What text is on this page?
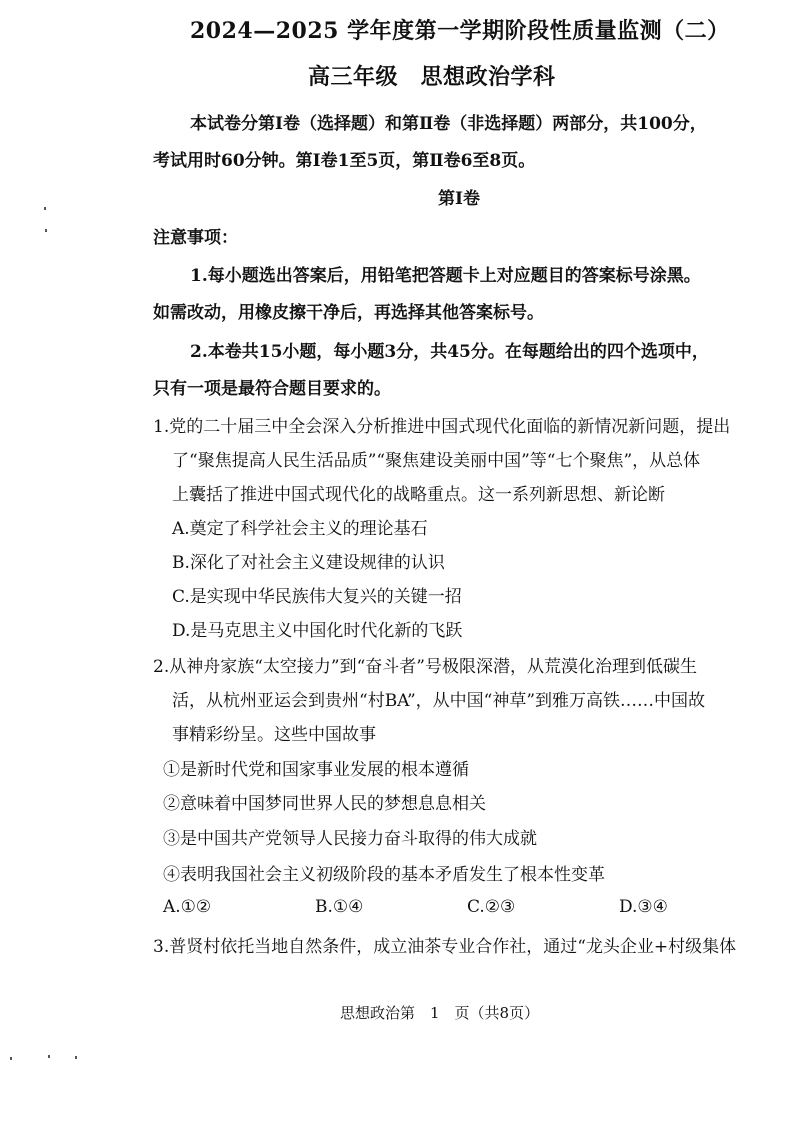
2024—2025 学年度第一学期阶段性质量监测（二）
高三年级　思想政治学科
本试卷分第Ⅰ卷（选择题）和第Ⅱ卷（非选择题）两部分，共100分，
考试用时60分钟。第Ⅰ卷1至5页，第Ⅱ卷6至8页。
第Ⅰ卷
注意事项：
1.每小题选出答案后，用铅笔把答题卡上对应题目的答案标号涂黑。
如需改动，用橡皮擦干净后，再选择其他答案标号。
2.本卷共15小题，每小题3分，共45分。在每题给出的四个选项中，
只有一项是最符合题目要求的。
1.党的二十届三中全会深入分析推进中国式现代化面临的新情况新问题，提出
了“聚焦提高人民生活品质”“聚焦建设美丽中国”等“七个聚焦”，从总体
上囊括了推进中国式现代化的战略重点。这一系列新思想、新论断
A.奠定了科学社会主义的理论基石
B.深化了对社会主义建设规律的认识
C.是实现中华民族伟大复兴的关键一招
D.是马克思主义中国化时代化新的飞跃
2.从神舟家族“太空接力”到“奋斗者”号极限深潜，从荒漠化治理到低碳生
活，从杭州亚运会到贵州“村BA”，从中国“神草”到雅万高铁……中国故
事精彩纷呈。这些中国故事
①是新时代党和国家事业发展的根本遵循
②意味着中国梦同世界人民的梦想息息相关
③是中国共产党领导人民接力奋斗取得的伟大成就
④表明我国社会主义初级阶段的基本矛盾发生了根本性变革
A.①②	B.①④	C.②③	D.③④
3.普贤村依托当地自然条件，成立油茶专业合作社，通过“龙头企业+村级集体
思想政治第　1　页（共8页）
